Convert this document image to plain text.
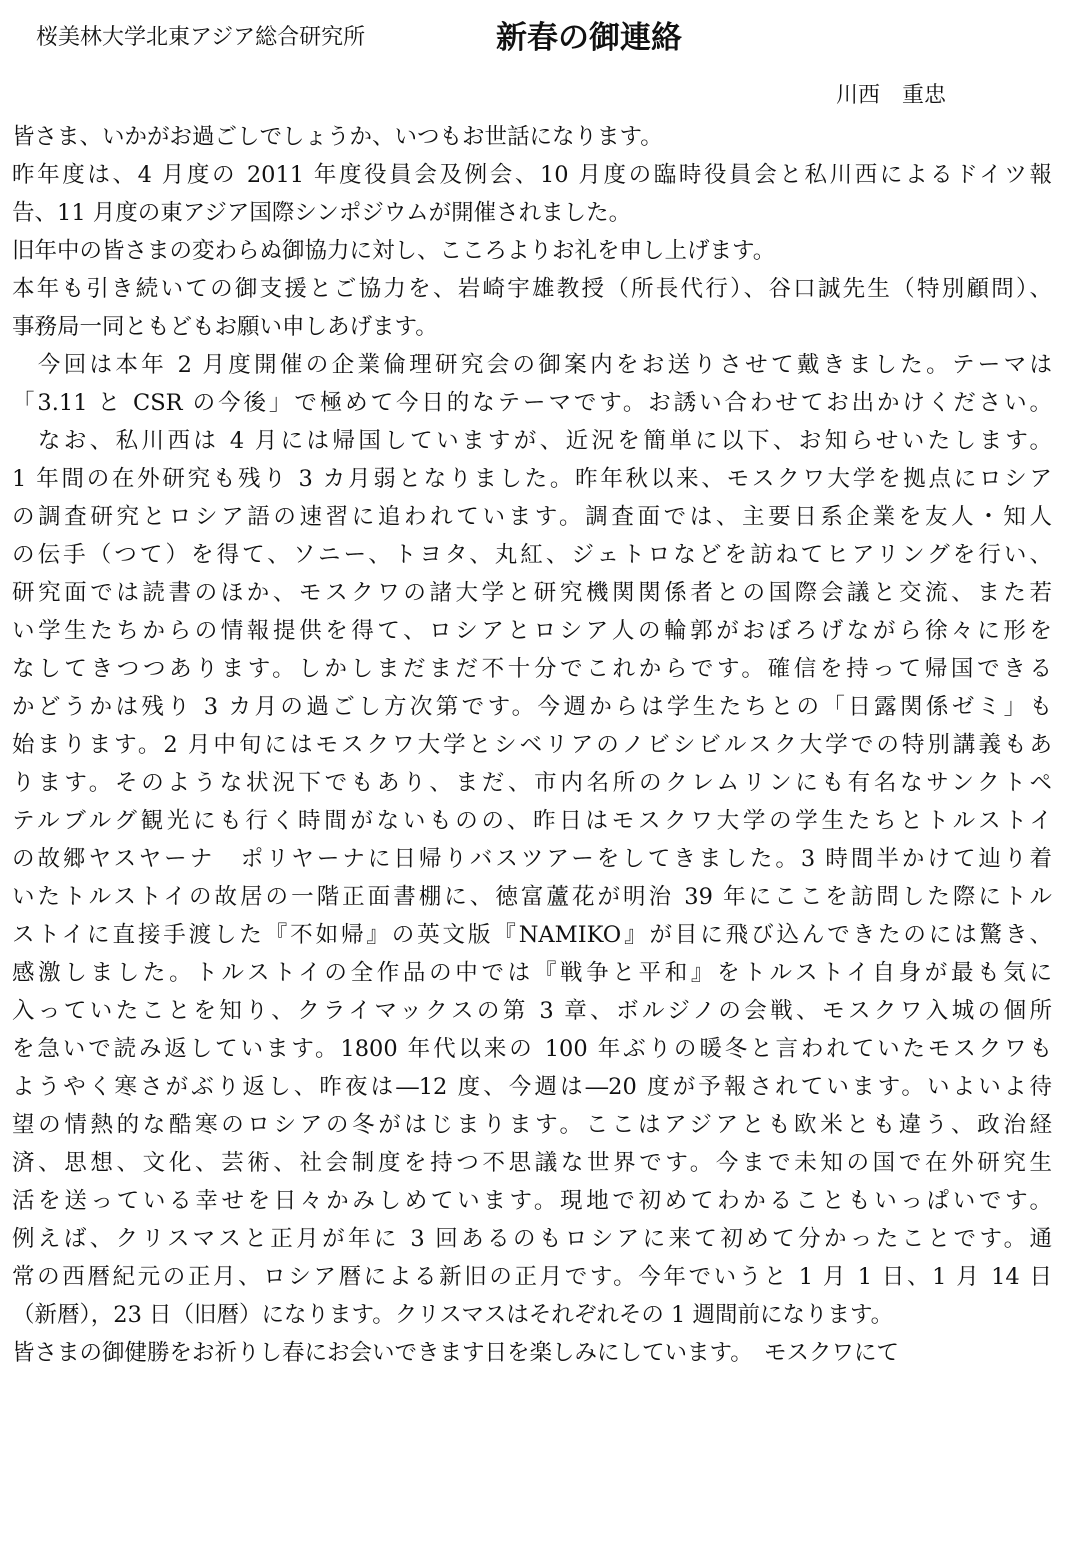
桜美林大学北東アジア総合研究所	新春の御連絡
川西　重忠
皆さま、いかがお過ごしでしょうか、いつもお世話になります。
昨年度は、4 月度の 2011 年度役員会及例会、10 月度の臨時役員会と私川西によるドイツ報
告、11 月度の東アジア国際シンポジウムが開催されました。
旧年中の皆さまの変わらぬ御協力に対し、こころよりお礼を申し上げます。
本年も引き続いての御支援とご協力を、岩崎宇雄教授（所長代行）、谷口誠先生（特別顧問）、
事務局一同ともどもお願い申しあげます。
　今回は本年 2 月度開催の企業倫理研究会の御案内をお送りさせて戴きました。テーマは
「3.11 と CSR の今後」で極めて今日的なテーマです。お誘い合わせてお出かけください。
　なお、私川西は 4 月には帰国していますが、近況を簡単に以下、お知らせいたします。
1 年間の在外研究も残り 3 カ月弱となりました。昨年秋以来、モスクワ大学を拠点にロシア
の調査研究とロシア語の速習に追われています。調査面では、主要日系企業を友人・知人
の伝手（つて）を得て、ソニー、トヨタ、丸紅、ジェトロなどを訪ねてヒアリングを行い、
研究面では読書のほか、モスクワの諸大学と研究機関関係者との国際会議と交流、また若
い学生たちからの情報提供を得て、ロシアとロシア人の輪郭がおぼろげながら徐々に形を
なしてきつつあります。しかしまだまだ不十分でこれからです。確信を持って帰国できる
かどうかは残り 3 カ月の過ごし方次第です。今週からは学生たちとの「日露関係ゼミ」も
始まります。2 月中旬にはモスクワ大学とシベリアのノビシビルスク大学での特別講義もあ
ります。そのような状況下でもあり、まだ、市内名所のクレムリンにも有名なサンクトペ
テルブルグ観光にも行く時間がないものの、昨日はモスクワ大学の学生たちとトルストイ
の故郷ヤスヤーナ　ポリヤーナに日帰りバスツアーをしてきました。3 時間半かけて辿り着
いたトルストイの故居の一階正面書棚に、徳富蘆花が明治 39 年にここを訪問した際にトル
ストイに直接手渡した『不如帰』の英文版『NAMIKO』が目に飛び込んできたのには驚き、
感激しました。トルストイの全作品の中では『戦争と平和』をトルストイ自身が最も気に
入っていたことを知り、クライマックスの第 3 章、ボルジノの会戦、モスクワ入城の個所
を急いで読み返しています。1800 年代以来の 100 年ぶりの暖冬と言われていたモスクワも
ようやく寒さがぶり返し、昨夜は―12 度、今週は―20 度が予報されています。いよいよ待
望の情熱的な酷寒のロシアの冬がはじまります。ここはアジアとも欧米とも違う、政治経
済、思想、文化、芸術、社会制度を持つ不思議な世界です。今まで未知の国で在外研究生
活を送っている幸せを日々かみしめています。現地で初めてわかることもいっぱいです。
例えば、クリスマスと正月が年に 3 回あるのもロシアに来て初めて分かったことです。通
常の西暦紀元の正月、ロシア暦による新旧の正月です。今年でいうと 1 月 1 日、1 月 14 日
（新暦），23 日（旧暦）になります。クリスマスはそれぞれその 1 週間前になります。
皆さまの御健勝をお祈りし春にお会いできます日を楽しみにしています。　モスクワにて
